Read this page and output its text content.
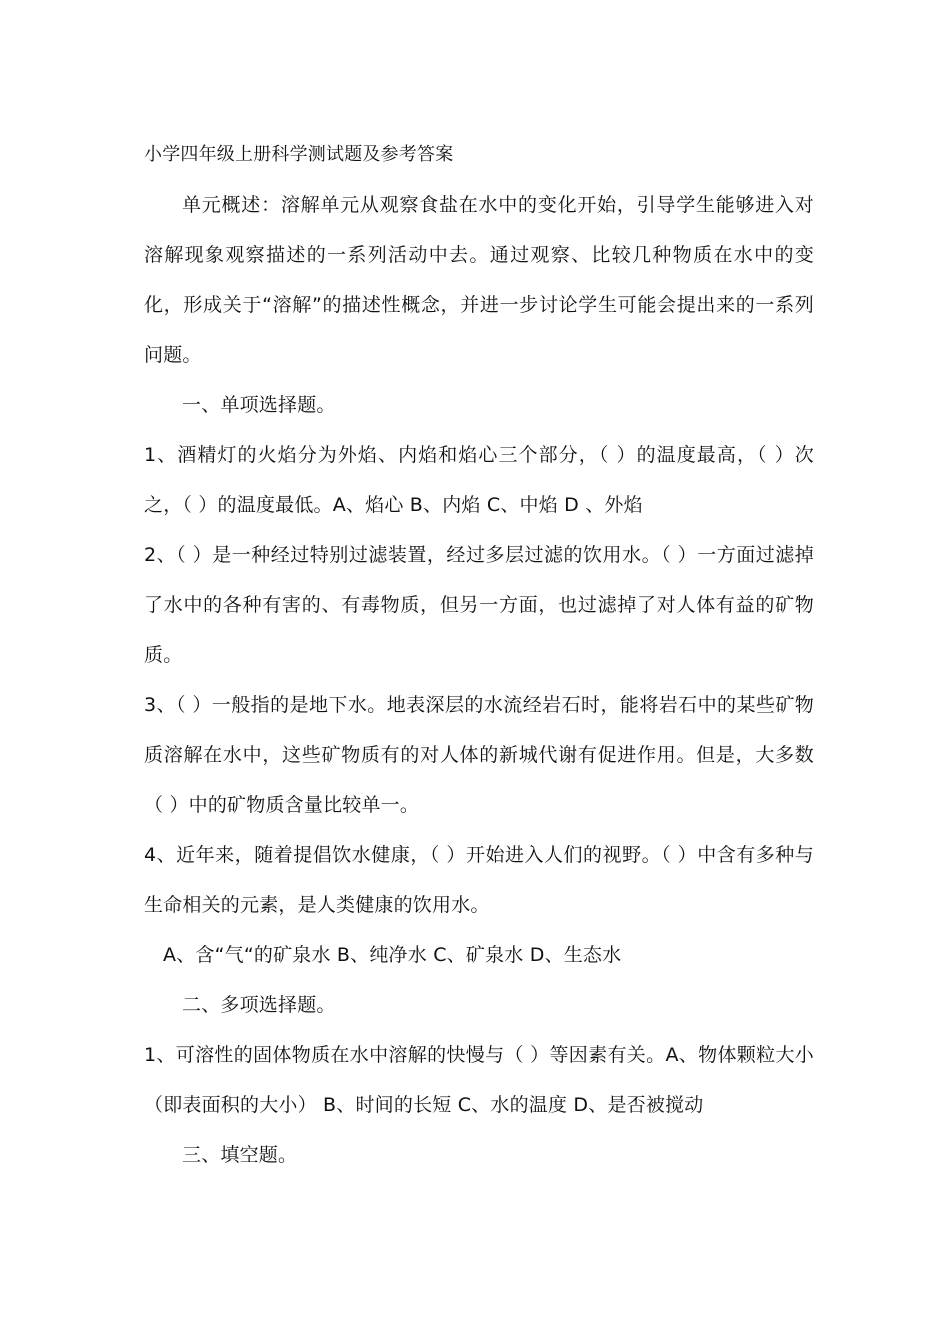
小学四年级上册科学测试题及参考答案

单元概述：溶解单元从观察食盐在水中的变化开始，引导学生能够进入对溶解现象观察描述的一系列活动中去。通过观察、比较几种物质在水中的变化，形成关于“溶解”的描述性概念，并进一步讨论学生可能会提出来的一系列问题。

一、单项选择题。

1、酒精灯的火焰分为外焰、内焰和焰心三个部分，（ ）的温度最高，（ ）次之，（ ）的温度最低。A、焰心 B、内焰 C、中焰 D 、外焰

2、（ ）是一种经过特别过滤装置，经过多层过滤的饮用水。（ ）一方面过滤掉了水中的各种有害的、有毒物质，但另一方面，也过滤掉了对人体有益的矿物质。

3、（ ）一般指的是地下水。地表深层的水流经岩石时，能将岩石中的某些矿物质溶解在水中，这些矿物质有的对人体的新城代谢有促进作用。但是，大多数（ ）中的矿物质含量比较单一。

4、近年来，随着提倡饮水健康，（ ）开始进入人们的视野。（ ）中含有多种与生命相关的元素，是人类健康的饮用水。

A、含“气“的矿泉水 B、纯净水 C、矿泉水 D、生态水

二、多项选择题。

1、可溶性的固体物质在水中溶解的快慢与（ ）等因素有关。A、物体颗粒大小（即表面积的大小） B、时间的长短 C、水的温度 D、是否被搅动

三、填空题。
